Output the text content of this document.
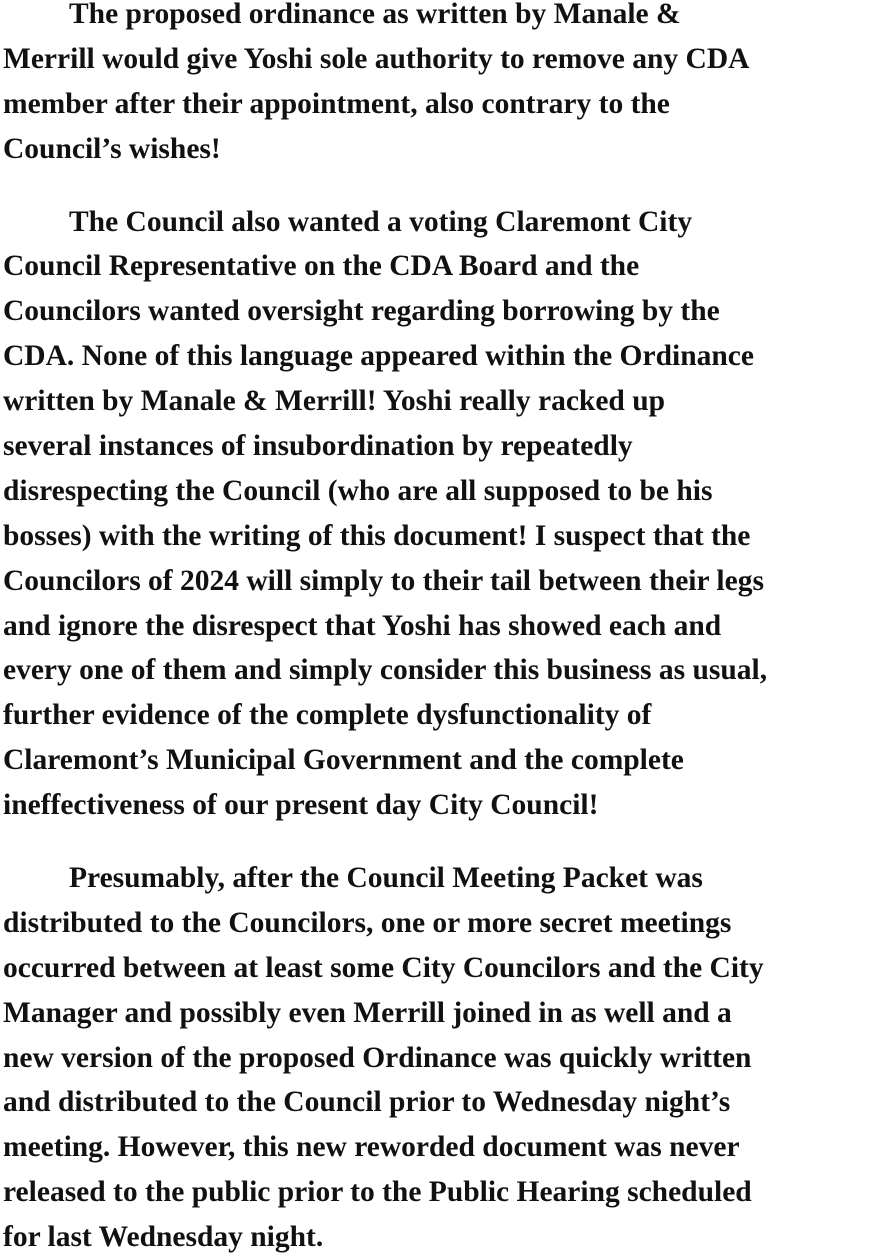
The proposed ordinance as written by Manale &
Merrill would give Yoshi sole authority to remove any CDA
member after their appointment, also contrary to the
Council’s wishes!
The Council also wanted a voting Claremont City
Council Representative on the CDA Board and the
Councilors wanted oversight regarding borrowing by the
CDA. None of this language appeared within the Ordinance
written by Manale & Merrill! Yoshi really racked up
several instances of insubordination by repeatedly
disrespecting the Council (who are all supposed to be his
bosses) with the writing of this document! I suspect that the
Councilors of 2024 will simply to their tail between their legs
and ignore the disrespect that Yoshi has showed each and
every one of them and simply consider this business as usual,
further evidence of the complete dysfunctionality of
Claremont’s Municipal Government and the complete
ineffectiveness of our present day City Council!
Presumably, after the Council Meeting Packet was
distributed to the Councilors, one or more secret meetings
occurred between at least some City Councilors and the City
Manager and possibly even Merrill joined in as well and a
new version of the proposed Ordinance was quickly written
and distributed to the Council prior to Wednesday night’s
meeting. However, this new reworded document was never
released to the public prior to the Public Hearing scheduled
for last Wednesday night.
